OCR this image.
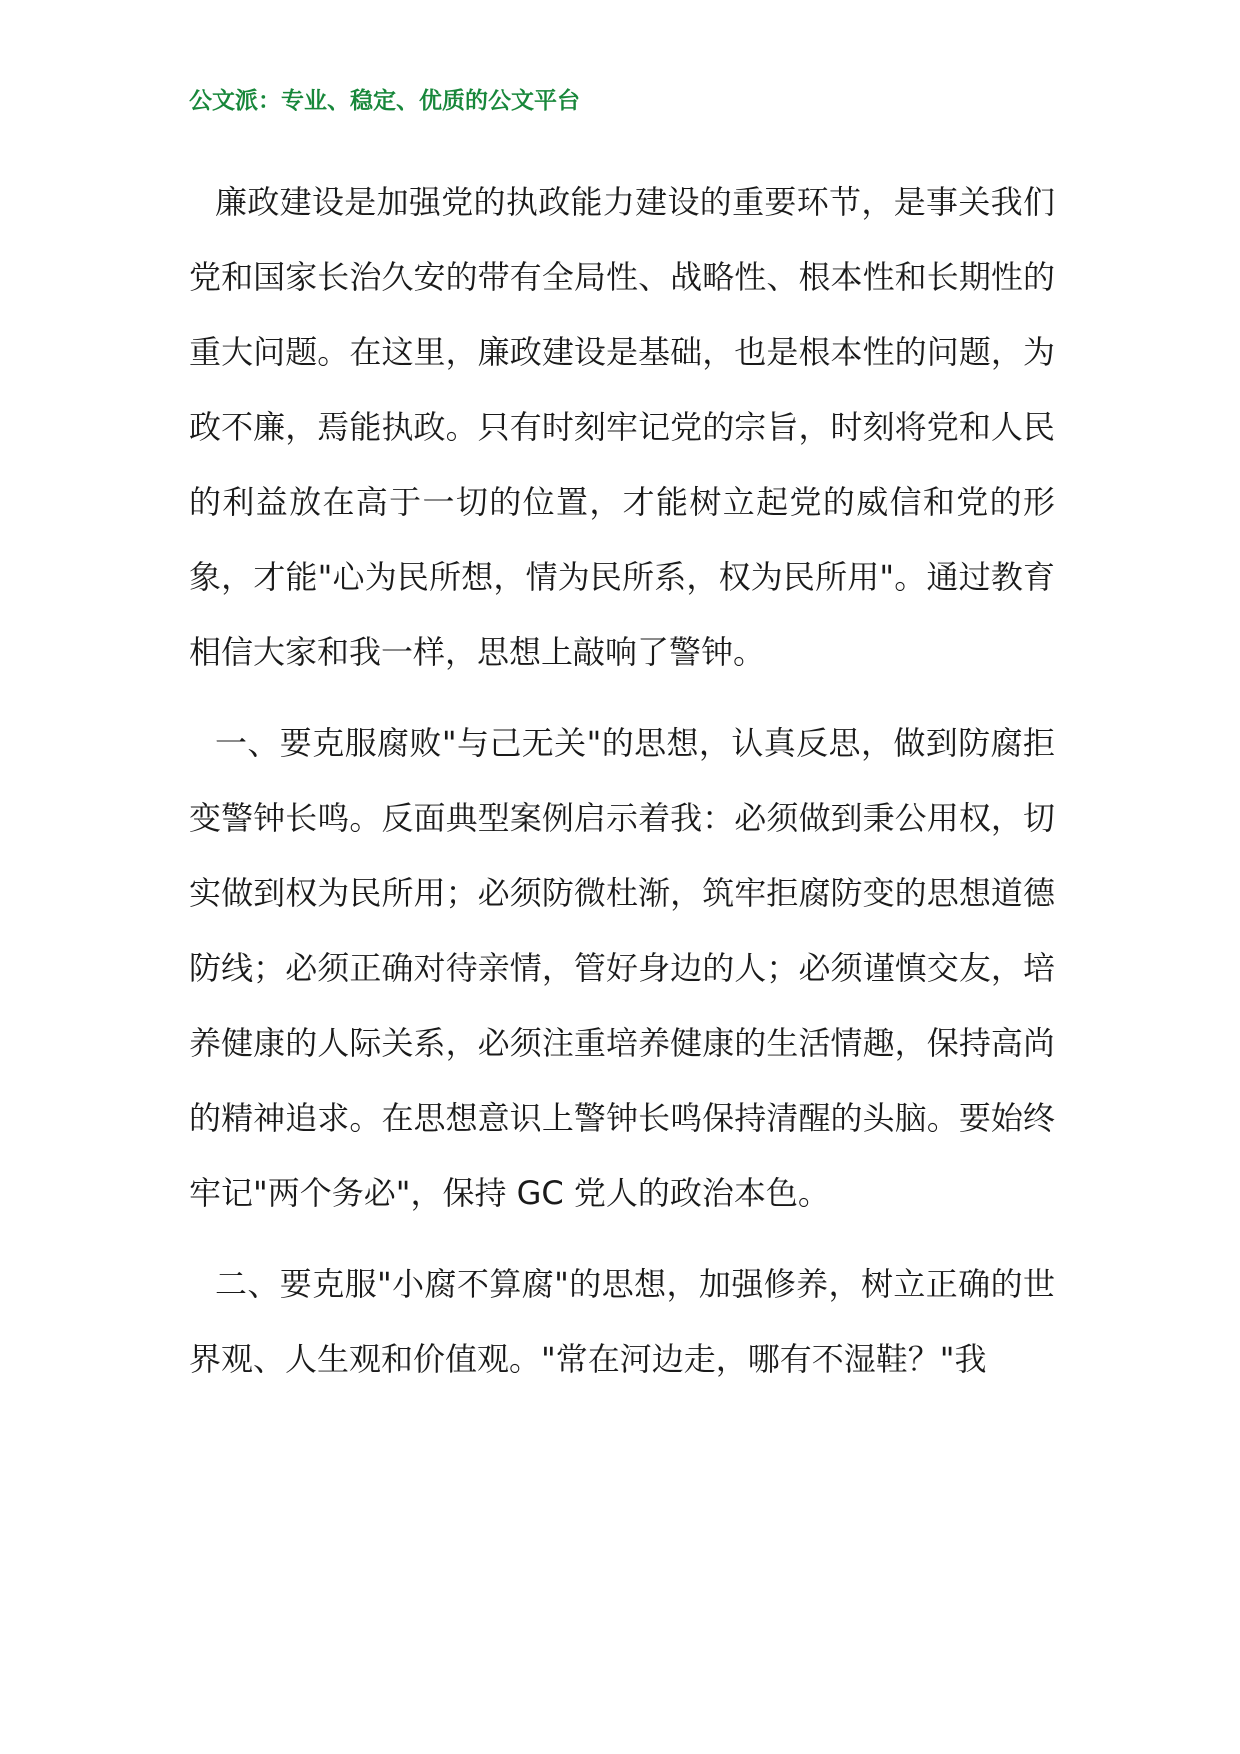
公文派：专业、稳定、优质的公文平台

廉政建设是加强党的执政能力建设的重要环节，是事关我们党和国家长治久安的带有全局性、战略性、根本性和长期性的重大问题。在这里，廉政建设是基础，也是根本性的问题，为政不廉，焉能执政。只有时刻牢记党的宗旨，时刻将党和人民的利益放在高于一切的位置，才能树立起党的威信和党的形象，才能"心为民所想，情为民所系，权为民所用"。通过教育相信大家和我一样，思想上敲响了警钟。

一、要克服腐败"与己无关"的思想，认真反思，做到防腐拒变警钟长鸣。反面典型案例启示着我：必须做到秉公用权，切实做到权为民所用；必须防微杜渐，筑牢拒腐防变的思想道德防线；必须正确对待亲情，管好身边的人；必须谨慎交友，培养健康的人际关系，必须注重培养健康的生活情趣，保持高尚的精神追求。在思想意识上警钟长鸣保持清醒的头脑。要始终牢记"两个务必"，保持 GC 党人的政治本色。

二、要克服"小腐不算腐"的思想，加强修养，树立正确的世界观、人生观和价值观。"常在河边走，哪有不湿鞋？"我
